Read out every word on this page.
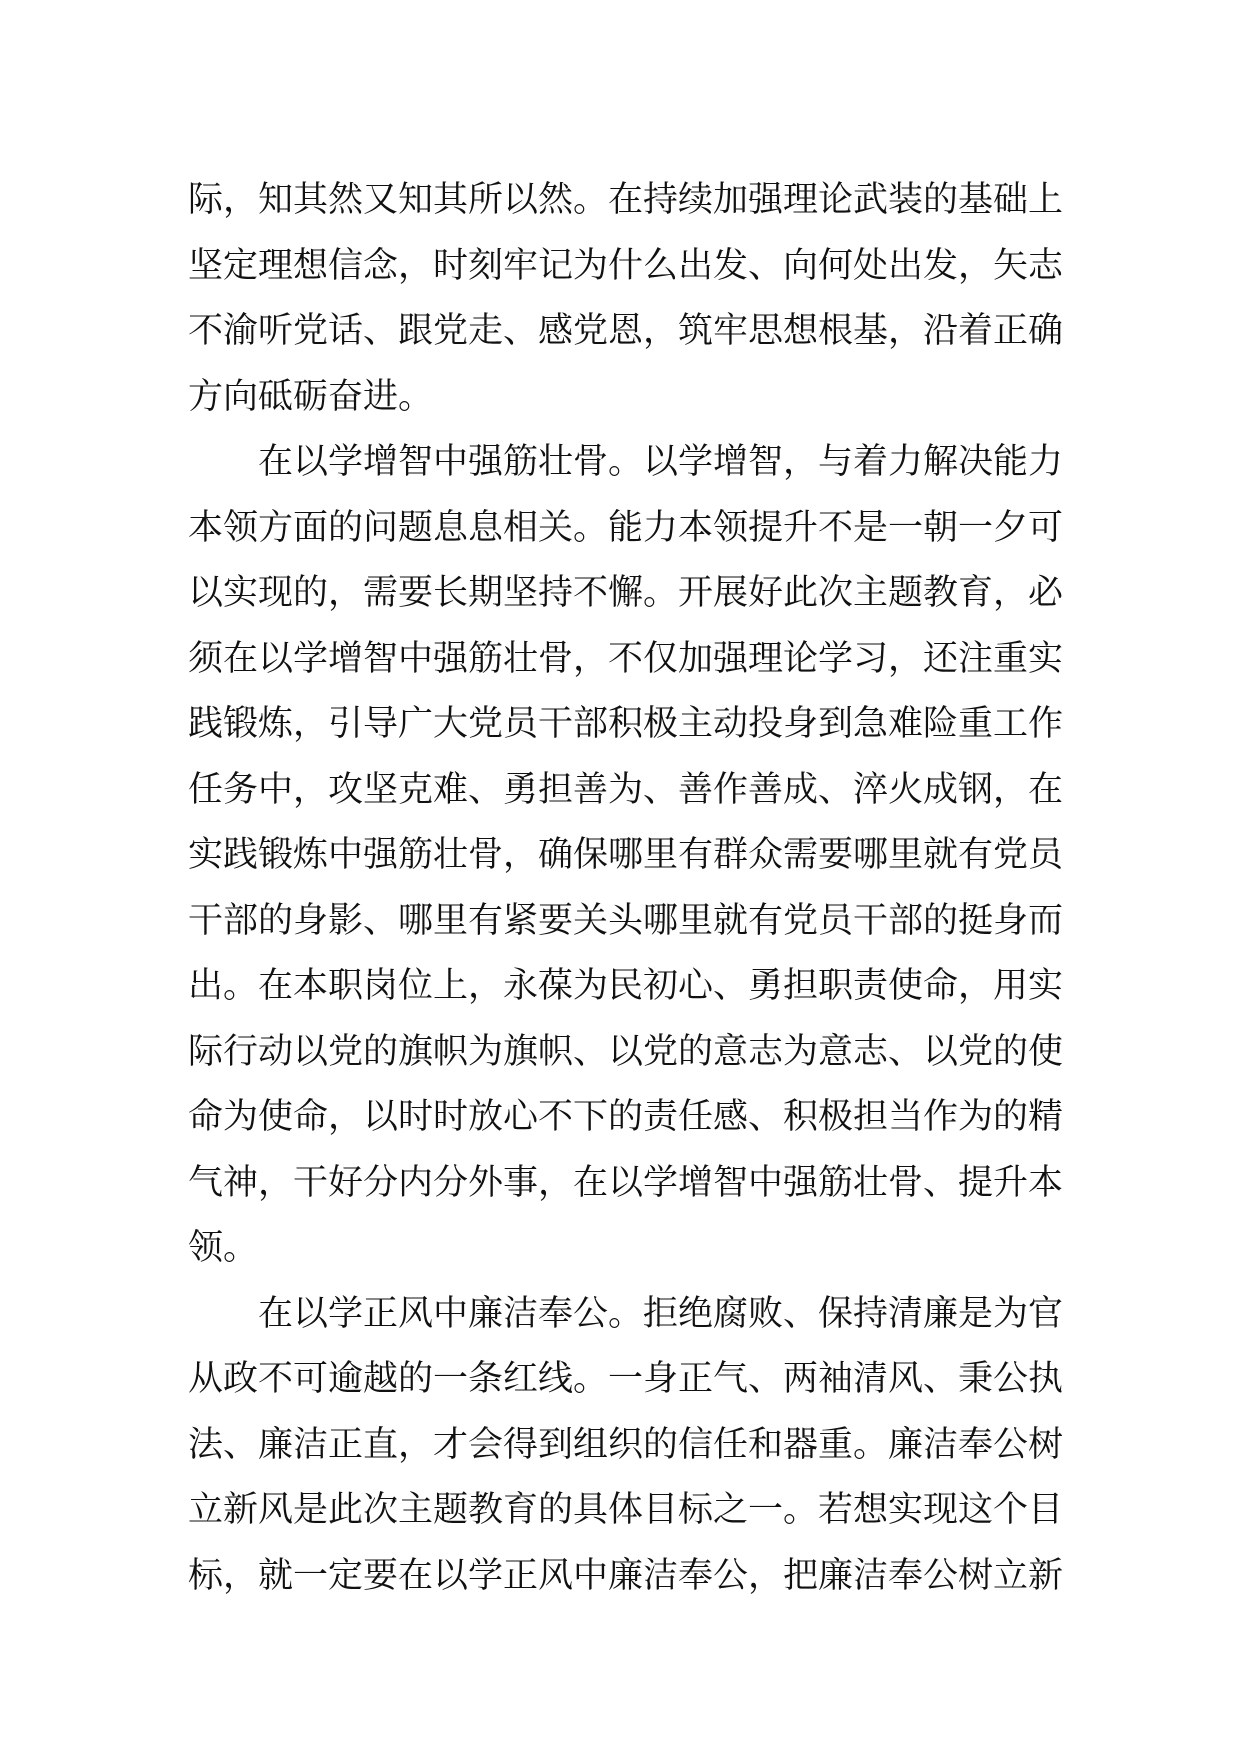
际，知其然又知其所以然。在持续加强理论武装的基础上
坚定理想信念，时刻牢记为什么出发、向何处出发，矢志
不渝听党话、跟党走、感党恩，筑牢思想根基，沿着正确
方向砥砺奋进。
在以学增智中强筋壮骨。以学增智，与着力解决能力
本领方面的问题息息相关。能力本领提升不是一朝一夕可
以实现的，需要长期坚持不懈。开展好此次主题教育，必
须在以学增智中强筋壮骨，不仅加强理论学习，还注重实
践锻炼，引导广大党员干部积极主动投身到急难险重工作
任务中，攻坚克难、勇担善为、善作善成、淬火成钢，在
实践锻炼中强筋壮骨，确保哪里有群众需要哪里就有党员
干部的身影、哪里有紧要关头哪里就有党员干部的挺身而
出。在本职岗位上，永葆为民初心、勇担职责使命，用实
际行动以党的旗帜为旗帜、以党的意志为意志、以党的使
命为使命，以时时放心不下的责任感、积极担当作为的精
气神，干好分内分外事，在以学增智中强筋壮骨、提升本
领。
在以学正风中廉洁奉公。拒绝腐败、保持清廉是为官
从政不可逾越的一条红线。一身正气、两袖清风、秉公执
法、廉洁正直，才会得到组织的信任和器重。廉洁奉公树
立新风是此次主题教育的具体目标之一。若想实现这个目
标，就一定要在以学正风中廉洁奉公，把廉洁奉公树立新
